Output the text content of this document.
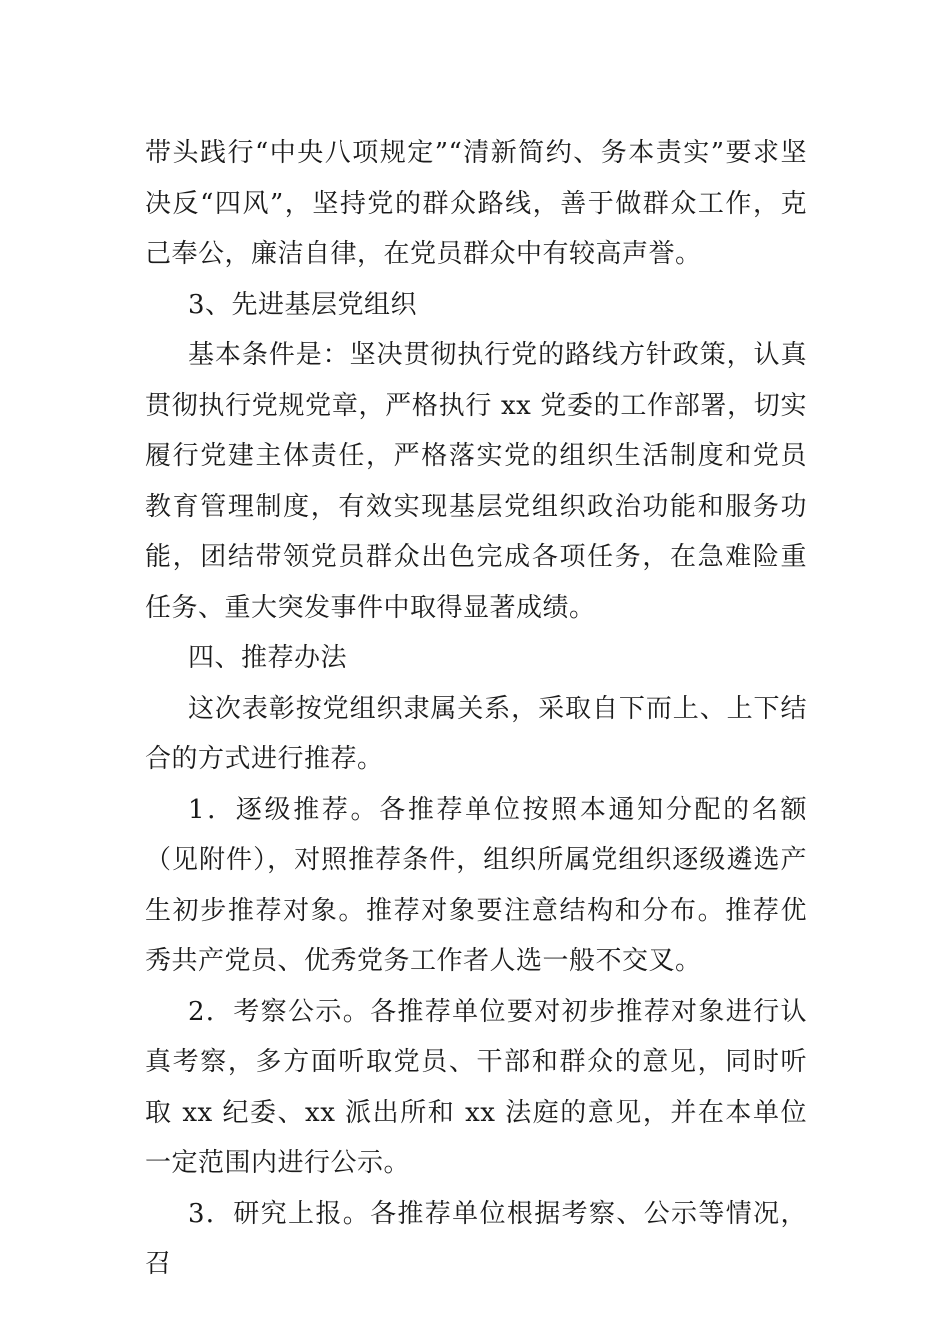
带头践行“中央八项规定”“清新简约、务本责实”要求坚决反“四风”，坚持党的群众路线，善于做群众工作，克己奉公，廉洁自律，在党员群众中有较高声誉。

3、先进基层党组织

基本条件是：坚决贯彻执行党的路线方针政策，认真贯彻执行党规党章，严格执行 xx 党委的工作部署，切实履行党建主体责任，严格落实党的组织生活制度和党员教育管理制度，有效实现基层党组织政治功能和服务功能，团结带领党员群众出色完成各项任务，在急难险重任务、重大突发事件中取得显著成绩。

四、推荐办法

这次表彰按党组织隶属关系，采取自下而上、上下结合的方式进行推荐。

1．逐级推荐。各推荐单位按照本通知分配的名额（见附件），对照推荐条件，组织所属党组织逐级遴选产生初步推荐对象。推荐对象要注意结构和分布。推荐优秀共产党员、优秀党务工作者人选一般不交叉。

2．考察公示。各推荐单位要对初步推荐对象进行认真考察，多方面听取党员、干部和群众的意见，同时听取 xx 纪委、xx 派出所和 xx 法庭的意见，并在本单位一定范围内进行公示。

3．研究上报。各推荐单位根据考察、公示等情况，召
